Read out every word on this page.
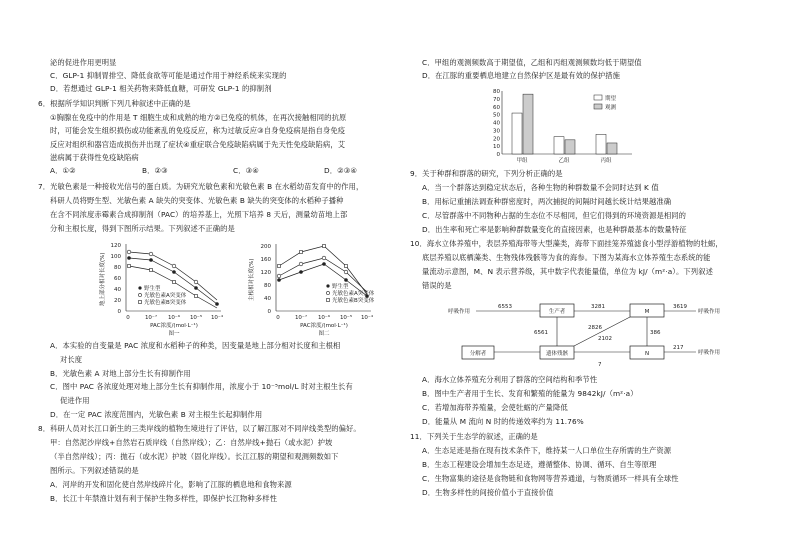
泌的促进作用更明显
C．GLP-1 抑制胃排空、降低食欲等可能是通过作用于神经系统来实现的
D．若想通过 GLP-1 相关药物来降低血糖，可研发 GLP-1 的抑制剂
6．根据所学知识判断下列几种叙述中正确的是
①胸腺在免疫中的作用是 T 细胞生成和成熟的地方②已免疫的机体，在再次接触相同的抗原
时，可能会发生组织损伤或功能紊乱的免疫反应，称为过敏反应③自身免疫病是指自身免疫
反应对组织和器官造成损伤并出现了症状④重症联合免疫缺陷病属于先天性免疫缺陷病，艾
滋病属于获得性免疫缺陷病
A．①②	B．②③	C．③④	D．②③④
7．光敏色素是一种接收光信号的蛋白质。为研究光敏色素和光敏色素 B 在水稻幼苗发育中的作用，
科研人员将野生型、光敏色素 A 缺失的突变体、光敏色素 B 缺失的突变体的水稻种子播种
在含不同浓度赤霉素合成抑制剂（PAC）的培养基上，光照下培养 8 天后，测量幼苗地上部
分和主根长度，得到下图所示结果。下列叙述不正确的是
地上部分相对长度(%)
0
20
40
60
80
100
120
0	10⁻⁷ 10⁻⁶ 10⁻⁵ 10⁻⁴
野生型
光敏色素A突变体
光敏色素B突变体
PAC浓度/(mol·L⁻¹)
图一
主根相对长度(%)
0
40
80
120
160
200
0	10⁻⁷ 10⁻⁶ 10⁻⁵ 10⁻⁴
野生型
光敏色素A突变体
光敏色素B突变体
PAC浓度/(mol·L⁻¹)
图二
A．本实验的自变量是 PAC 浓度和水稻种子的种类，因变量是地上部分相对长度和主根相
对长度
B．光敏色素 A 对地上部分生长有抑制作用
C．图中 PAC 各浓度处理对地上部分生长有抑制作用，浓度小于 10⁻⁵mol/L 时对主根生长有
促进作用
D．在一定 PAC 浓度范围内，光敏色素 B 对主根生长起抑制作用
8．科研人员对长江口新生的三类岸线的植物生境进行了评估，以了解江豚对不同岸线类型的偏好。
甲：自然泥沙岸线+自然岩石质岸线（自然岸线）；乙：自然岸线+抛石（或水泥）护坡
（半自然岸线）；丙：抛石（或水泥）护坡（固化岸线）。长江江豚的期望和观测频数如下
图所示。下列叙述错误的是
A．河岸的开发和固化使自然岸线碎片化，影响了江豚的栖息地和食物来源
B．长江十年禁渔计划有利于保护生物多样性，即保护长江物种多样性
C．甲组的观测频数高于期望值，乙组和丙组观测频数均低于期望值
D．在江豚的重要栖息地建立自然保护区是最有效的保护措施
0
10
20
30
40
50
60
70
80
甲组	乙组	丙组
期望
观测
9．关于种群和群落的研究，下列分析正确的是
A．当一个群落达到稳定状态后，各种生物的种群数量不会同时达到 K 值
B．用标记重捕法调查种群密度时，两次捕捉的间隔时间越长统计结果越准确
C．尽管群落中不同物种占据的生态位不尽相同，但它们得到的环境资源是相同的
D．出生率和死亡率是影响种群数量变化的直接因素，也是种群最基本的数量特征
10．海水立体养殖中，表层养殖海带等大型藻类，海带下面挂笼养殖滤食小型浮游植物的牡蛎，
底层养殖以底栖藻类、生物残体残骸等为食的海参。下图为某海水立体养殖生态系统的能
量流动示意图，M、N 表示营养级，其中数字代表能量值，单位为 kJ/（m²·a）。下列叙述
错误的是
呼吸作用
6553
生产者
3281
M
3619
呼吸作用
6561
2826
2102
386
分解者	遗体残骸	N
217
呼吸作用
7
A．海水立体养殖充分利用了群落的空间结构和季节性
B．图中生产者用于生长、发育和繁殖的能量为 9842kJ/（m²·a）
C．若增加海带养殖量，会使牡蛎的产量降低
D．能量从 M 流向 N 时的传递效率约为 11.76%
11．下列关于生态学的叙述，正确的是
A．生态足迹是指在现有技术条件下，维持某一人口单位生存所需的生产资源
B．生态工程建设会增加生态足迹，遵循整体、协调、循环、自生等原理
C．生物富集的途径是食物链和食物网等营养通道，与物质循环一样具有全球性
D．生物多样性的间接价值小于直接价值
